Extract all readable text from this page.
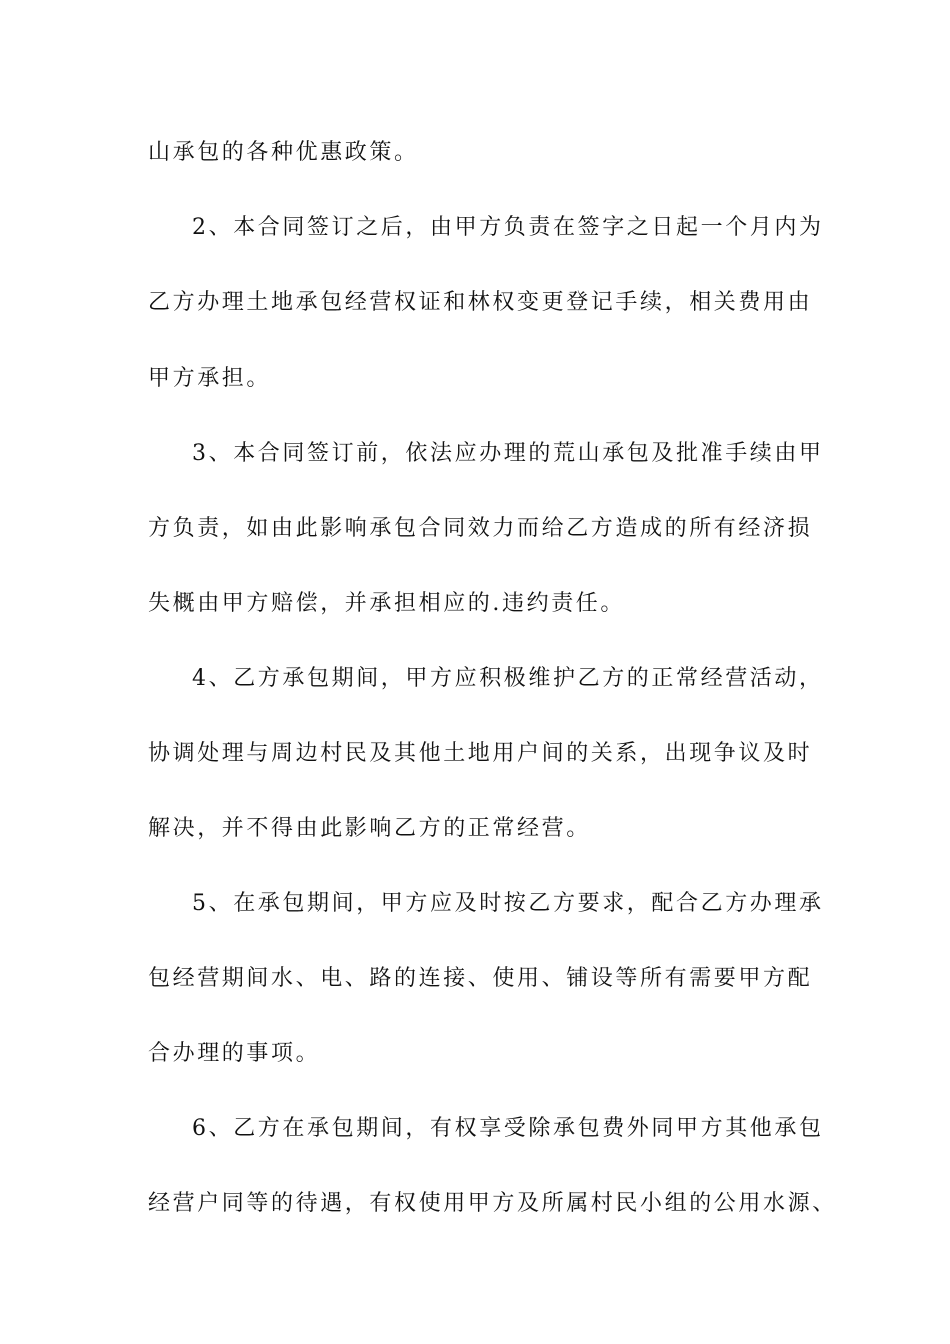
山承包的各种优惠政策。
2、本合同签订之后，由甲方负责在签字之日起一个月内为
乙方办理土地承包经营权证和林权变更登记手续，相关费用由
甲方承担。
3、本合同签订前，依法应办理的荒山承包及批准手续由甲
方负责，如由此影响承包合同效力而给乙方造成的所有经济损
失概由甲方赔偿，并承担相应的.违约责任。
4、乙方承包期间，甲方应积极维护乙方的正常经营活动，
协调处理与周边村民及其他土地用户间的关系，出现争议及时
解决，并不得由此影响乙方的正常经营。
5、在承包期间，甲方应及时按乙方要求，配合乙方办理承
包经营期间水、电、路的连接、使用、铺设等所有需要甲方配
合办理的事项。
6、乙方在承包期间，有权享受除承包费外同甲方其他承包
经营户同等的待遇，有权使用甲方及所属村民小组的公用水源、
